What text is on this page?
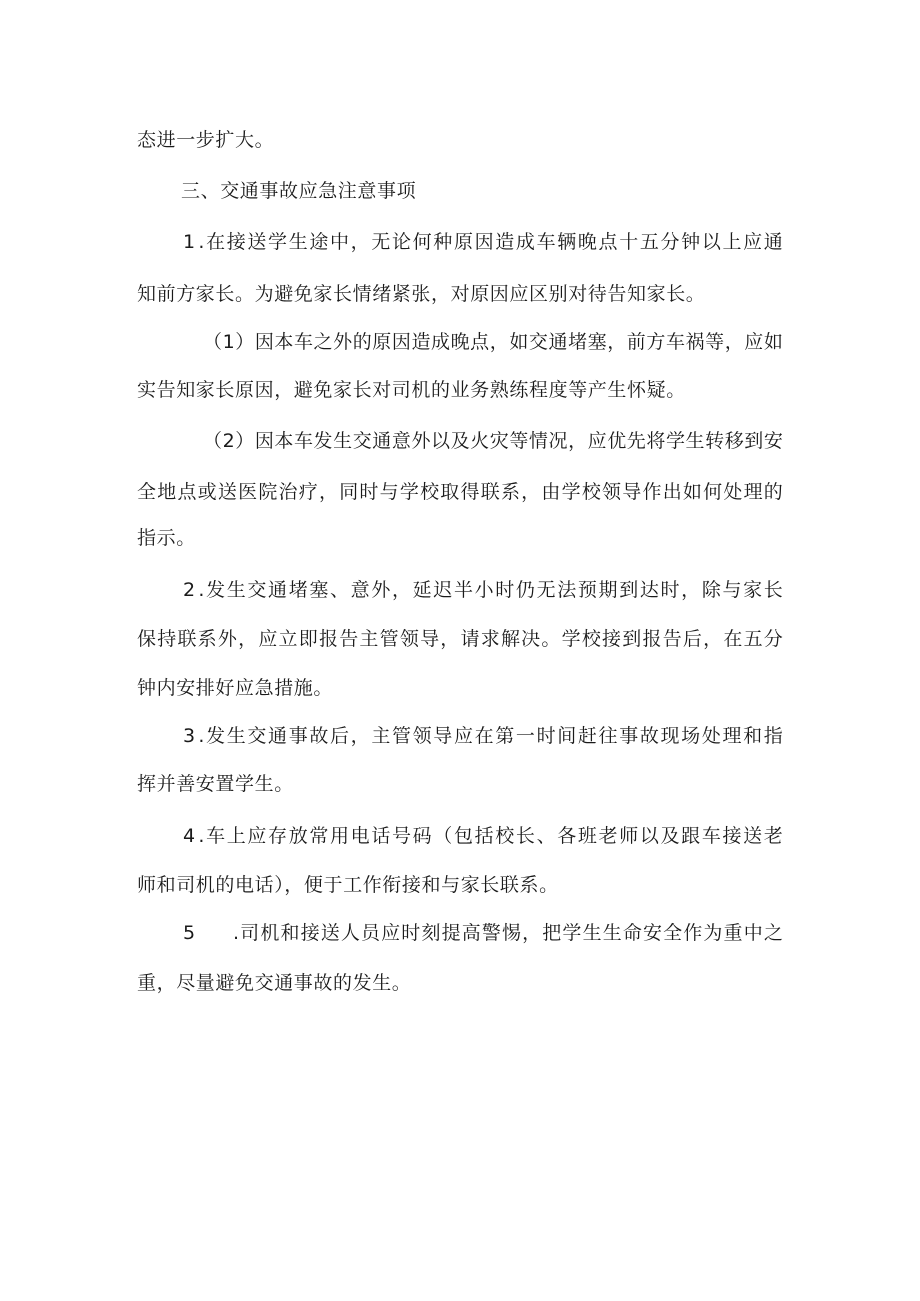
态进一步扩大。
三、交通事故应急注意事项
1 . 在 接 送 学 生 途 中 ， 无 论 何 种 原 因 造 成 车 辆 晚 点 十 五 分 钟 以 上 应 通
知前方家长。为避免家长情绪紧张，对原因应区别对待告知家长。
（ 1 ） 因 本 车 之 外 的 原 因 造 成 晚 点 ， 如 交 通 堵 塞 ， 前 方 车 祸 等 ， 应 如
实告知家长原因，避免家长对司机的业务熟练程度等产生怀疑。
（ 2 ） 因 本 车 发 生 交 通 意 外 以 及 火 灾 等 情 况 ， 应 优 先 将 学 生 转 移 到 安
全 地 点 或 送 医 院 治 疗 ， 同 时 与 学 校 取 得 联 系 ， 由 学 校 领 导 作 出 如 何 处 理 的
指示。
2 . 发 生 交 通 堵 塞 、 意 外 ， 延 迟 半 小 时 仍 无 法 预 期 到 达 时 ， 除 与 家 长
保 持 联 系 外 ， 应 立 即 报 告 主 管 领 导 ， 请 求 解 决 。 学 校 接 到 报 告 后 ， 在 五 分
钟内安排好应急措施。
3 . 发 生 交 通 事 故 后 ， 主 管 领 导 应 在 第 一 时 间 赶 往 事 故 现 场 处 理 和 指
挥并善安置学生。
4 . 车 上 应 存 放 常 用 电 话 号 码 （ 包 括 校 长 、 各 班 老 师 以 及 跟 车 接 送 老
师和司机的电话），便于工作衔接和与家长联系。
5 . 司 机 和 接 送 人 员 应 时 刻 提 高 警 惕 ， 把 学 生 生 命 安 全 作 为 重 中 之
重，尽量避免交通事故的发生。
